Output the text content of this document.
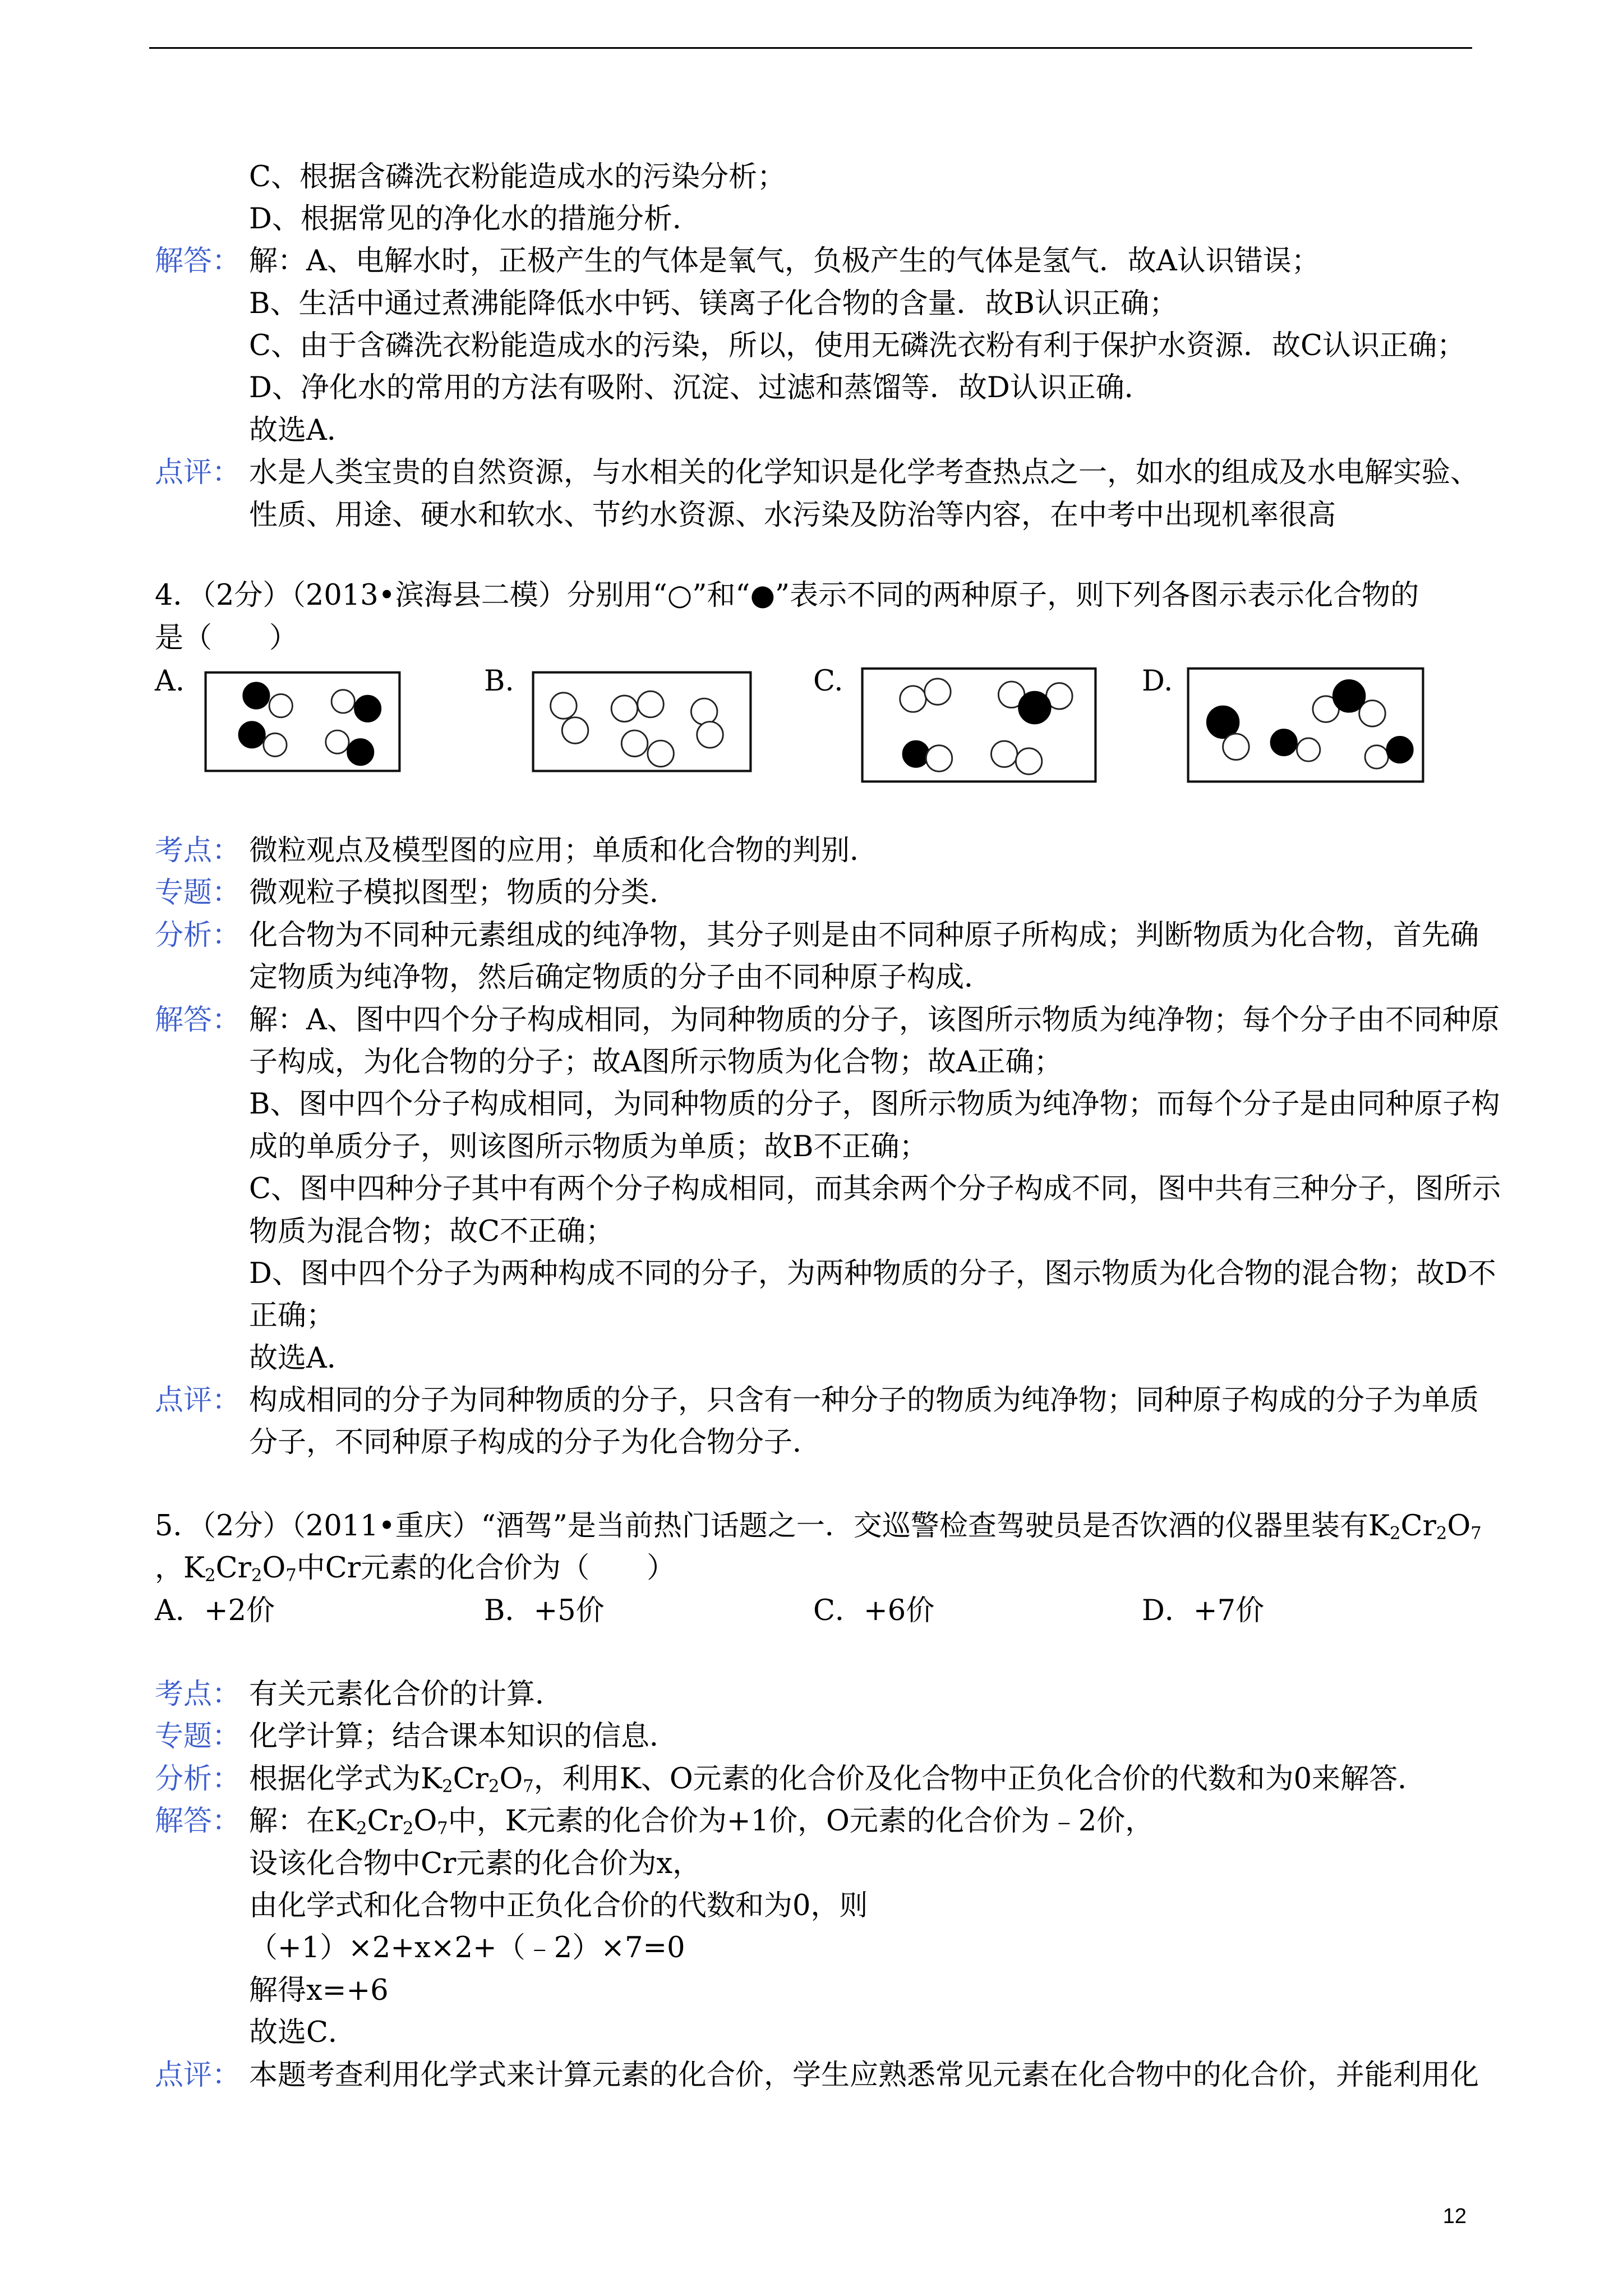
C、根据含磷洗衣粉能造成水的污染分析；
D、根据常见的净化水的措施分析．
解答： 解：A、电解水时，正极产生的气体是氧气，负极产生的气体是氢气．故A认识错误；
B、生活中通过煮沸能降低水中钙、镁离子化合物的含量．故B认识正确；
C、由于含磷洗衣粉能造成水的污染，所以，使用无磷洗衣粉有利于保护水资源．故C认识正确；
D、净化水的常用的方法有吸附、沉淀、过滤和蒸馏等．故D认识正确．
故选A．
点评： 水是人类宝贵的自然资源，与水相关的化学知识是化学考查热点之一，如水的组成及水电解实验、
性质、用途、硬水和软水、节约水资源、水污染及防治等内容，在中考中出现机率很高
4．（2分）（2013•滨海县二模）分别用“○”和“●”表示不同的两种原子，则下列各图示表示化合物的
是（　　）
A.	B.	C.	D.
考点： 微粒观点及模型图的应用；单质和化合物的判别．
专题： 微观粒子模拟图型；物质的分类．
分析： 化合物为不同种元素组成的纯净物，其分子则是由不同种原子所构成；判断物质为化合物，首先确
定物质为纯净物，然后确定物质的分子由不同种原子构成．
解答： 解：A、图中四个分子构成相同，为同种物质的分子，该图所示物质为纯净物；每个分子由不同种原
子构成，为化合物的分子；故A图所示物质为化合物；故A正确；
B、图中四个分子构成相同，为同种物质的分子，图所示物质为纯净物；而每个分子是由同种原子构
成的单质分子，则该图所示物质为单质；故B不正确；
C、图中四种分子其中有两个分子构成相同，而其余两个分子构成不同，图中共有三种分子，图所示
物质为混合物；故C不正确；
D、图中四个分子为两种构成不同的分子，为两种物质的分子，图示物质为化合物的混合物；故D不
正确；
故选A．
点评： 构成相同的分子为同种物质的分子，只含有一种分子的物质为纯净物；同种原子构成的分子为单质
分子，不同种原子构成的分子为化合物分子．
5．（2分）（2011•重庆）“酒驾”是当前热门话题之一．交巡警检查驾驶员是否饮酒的仪器里装有$K_2Cr_2O_7$
，$K_2Cr_2O_7$中Cr元素的化合价为（　　）
A．+2价	B．+5价	C．+6价	D．+7价
考点： 有关元素化合价的计算．
专题： 化学计算；结合课本知识的信息．
分析： 根据化学式为$K_2Cr_2O_7$，利用K、O元素的化合价及化合物中正负化合价的代数和为0来解答．
解答： 解：在$K_2Cr_2O_7$中，K元素的化合价为+1价，O元素的化合价为﹣2价，
设该化合物中Cr元素的化合价为x，
由化学式和化合物中正负化合价的代数和为0，则
（+1）×2+x×2+（﹣2）×7=0
解得x=+6
故选C．
点评： 本题考查利用化学式来计算元素的化合价，学生应熟悉常见元素在化合物中的化合价，并能利用化
12
